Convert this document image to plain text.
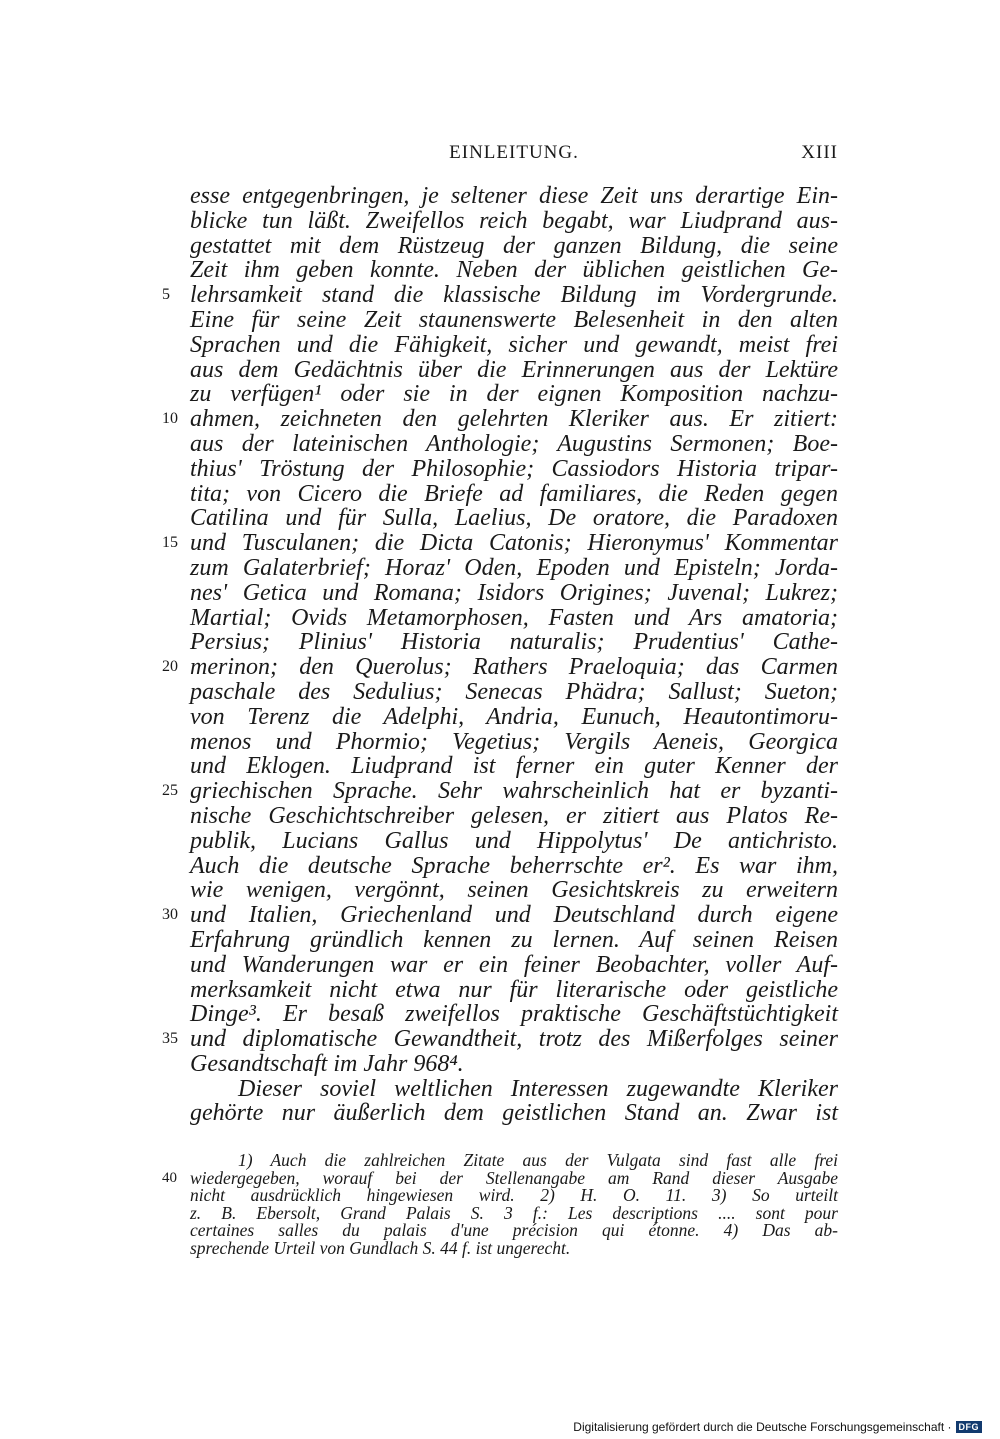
EINLEITUNG.	XIII
esse entgegenbringen, je seltener diese Zeit uns derartige Ein-
blicke tun läßt. Zweifellos reich begabt, war Liudprand aus-
gestattet mit dem Rüstzeug der ganzen Bildung, die seine
Zeit ihm geben konnte. Neben der üblichen geistlichen Ge-
5 lehrsamkeit stand die klassische Bildung im Vordergrunde.
Eine für seine Zeit staunenswerte Belesenheit in den alten
Sprachen und die Fähigkeit, sicher und gewandt, meist frei
aus dem Gedächtnis über die Erinnerungen aus der Lektüre
zu verfügen¹ oder sie in der eignen Komposition nachzu-
10 ahmen, zeichneten den gelehrten Kleriker aus. Er zitiert:
aus der lateinischen Anthologie; Augustins Sermonen; Boe-
thius' Tröstung der Philosophie; Cassiodors Historia tripar-
tita; von Cicero die Briefe ad familiares, die Reden gegen
Catilina und für Sulla, Laelius, De oratore, die Paradoxen
15 und Tusculanen; die Dicta Catonis; Hieronymus' Kommentar
zum Galaterbrief; Horaz' Oden, Epoden und Episteln; Jorda-
nes' Getica und Romana; Isidors Origines; Juvenal; Lukrez;
Martial; Ovids Metamorphosen, Fasten und Ars amatoria;
Persius; Plinius' Historia naturalis; Prudentius' Cathe-
20 merinon; den Querolus; Rathers Praeloquia; das Carmen
paschale des Sedulius; Senecas Phädra; Sallust; Sueton;
von Terenz die Adelphi, Andria, Eunuch, Heautontimoru-
menos und Phormio; Vegetius; Vergils Aeneis, Georgica
und Eklogen. Liudprand ist ferner ein guter Kenner der
25 griechischen Sprache. Sehr wahrscheinlich hat er byzanti-
nische Geschichtschreiber gelesen, er zitiert aus Platos Re-
publik, Lucians Gallus und Hippolytus' De antichristo.
Auch die deutsche Sprache beherrschte er². Es war ihm,
wie wenigen, vergönnt, seinen Gesichtskreis zu erweitern
30 und Italien, Griechenland und Deutschland durch eigene
Erfahrung gründlich kennen zu lernen. Auf seinen Reisen
und Wanderungen war er ein feiner Beobachter, voller Auf-
merksamkeit nicht etwa nur für literarische oder geistliche
Dinge³. Er besaß zweifellos praktische Geschäftstüchtigkeit
35 und diplomatische Gewandtheit, trotz des Mißerfolges seiner
Gesandtschaft im Jahr 968⁴.
Dieser soviel weltlichen Interessen zugewandte Kleriker
gehörte nur äußerlich dem geistlichen Stand an. Zwar ist
1) Auch die zahlreichen Zitate aus der Vulgata sind fast alle frei
40 wiedergegeben, worauf bei der Stellenangabe am Rand dieser Ausgabe
nicht ausdrücklich hingewiesen wird. 2) H. O. 11. 3) So urteilt
z. B. Ebersolt, Grand Palais S. 3 f.: Les descriptions .... sont pour
certaines salles du palais d'une précision qui étonne. 4) Das ab-
sprechende Urteil von Gundlach S. 44 f. ist ungerecht.
Digitalisierung gefördert durch die Deutsche Forschungsgemeinschaft · DFG
